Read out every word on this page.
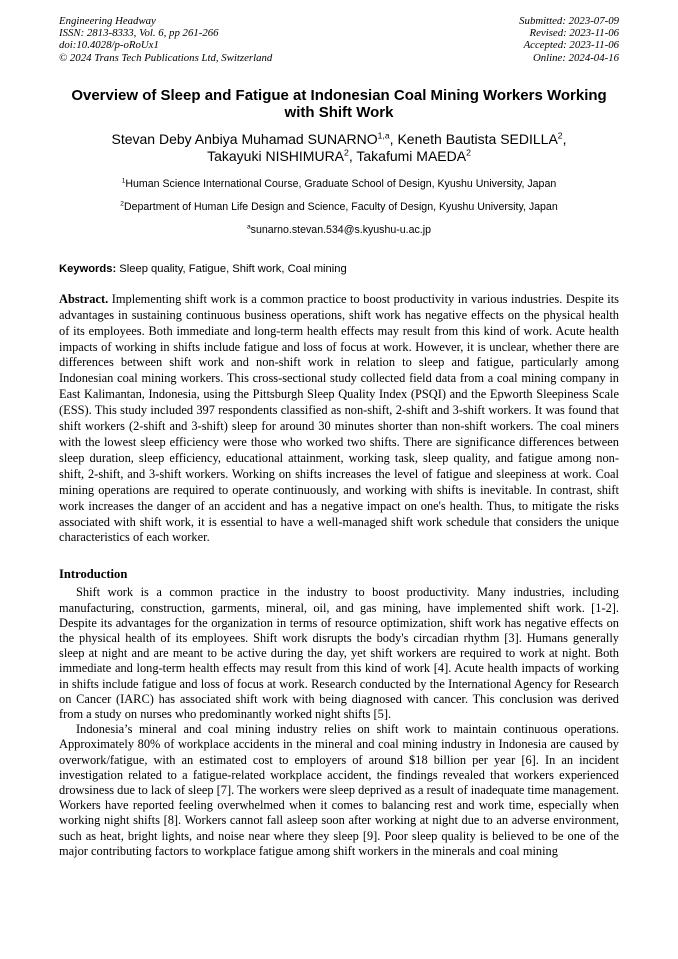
Engineering Headway
ISSN: 2813-8333, Vol. 6, pp 261-266
doi:10.4028/p-oRoUx1
© 2024 Trans Tech Publications Ltd, Switzerland
Submitted: 2023-07-09
Revised: 2023-11-06
Accepted: 2023-11-06
Online: 2024-04-16
Overview of Sleep and Fatigue at Indonesian Coal Mining Workers Working with Shift Work
Stevan Deby Anbiya Muhamad SUNARNO$^{1,a}$, Keneth Bautista SEDILLA$^2$,
Takayuki NISHIMURA$^2$, Takafumi MAEDA$^2$
$^1$Human Science International Course, Graduate School of Design, Kyushu University, Japan
$^2$Department of Human Life Design and Science, Faculty of Design, Kyushu University, Japan
$^a$sunarno.stevan.534@s.kyushu-u.ac.jp
Keywords: Sleep quality, Fatigue, Shift work, Coal mining

Abstract. Implementing shift work is a common practice to boost productivity in various industries. Despite its advantages in sustaining continuous business operations, shift work has negative effects on the physical health of its employees. Both immediate and long-term health effects may result from this kind of work. Acute health impacts of working in shifts include fatigue and loss of focus at work. However, it is unclear, whether there are differences between shift work and non-shift work in relation to sleep and fatigue, particularly among Indonesian coal mining workers. This cross-sectional study collected field data from a coal mining company in East Kalimantan, Indonesia, using the Pittsburgh Sleep Quality Index (PSQI) and the Epworth Sleepiness Scale (ESS). This study included 397 respondents classified as non-shift, 2-shift and 3-shift workers. It was found that shift workers (2-shift and 3-shift) sleep for around 30 minutes shorter than non-shift workers. The coal miners with the lowest sleep efficiency were those who worked two shifts. There are significance differences between sleep duration, sleep efficiency, educational attainment, working task, sleep quality, and fatigue among non-shift, 2-shift, and 3-shift workers. Working on shifts increases the level of fatigue and sleepiness at work. Coal mining operations are required to operate continuously, and working with shifts is inevitable. In contrast, shift work increases the danger of an accident and has a negative impact on one's health. Thus, to mitigate the risks associated with shift work, it is essential to have a well-managed shift work schedule that considers the unique characteristics of each worker.

Introduction

Shift work is a common practice in the industry to boost productivity. Many industries, including manufacturing, construction, garments, mineral, oil, and gas mining, have implemented shift work. [1-2]. Despite its advantages for the organization in terms of resource optimization, shift work has negative effects on the physical health of its employees. Shift work disrupts the body's circadian rhythm [3]. Humans generally sleep at night and are meant to be active during the day, yet shift workers are required to work at night. Both immediate and long-term health effects may result from this kind of work [4]. Acute health impacts of working in shifts include fatigue and loss of focus at work. Research conducted by the International Agency for Research on Cancer (IARC) has associated shift work with being diagnosed with cancer. This conclusion was derived from a study on nurses who predominantly worked night shifts [5].

Indonesia’s mineral and coal mining industry relies on shift work to maintain continuous operations. Approximately 80% of workplace accidents in the mineral and coal mining industry in Indonesia are caused by overwork/fatigue, with an estimated cost to employers of around $18 billion per year [6]. In an incident investigation related to a fatigue-related workplace accident, the findings revealed that workers experienced drowsiness due to lack of sleep [7]. The workers were sleep deprived as a result of inadequate time management. Workers have reported feeling overwhelmed when it comes to balancing rest and work time, especially when working night shifts [8]. Workers cannot fall asleep soon after working at night due to an adverse environment, such as heat, bright lights, and noise near where they sleep [9]. Poor sleep quality is believed to be one of the major contributing factors to workplace fatigue among shift workers in the minerals and coal mining
